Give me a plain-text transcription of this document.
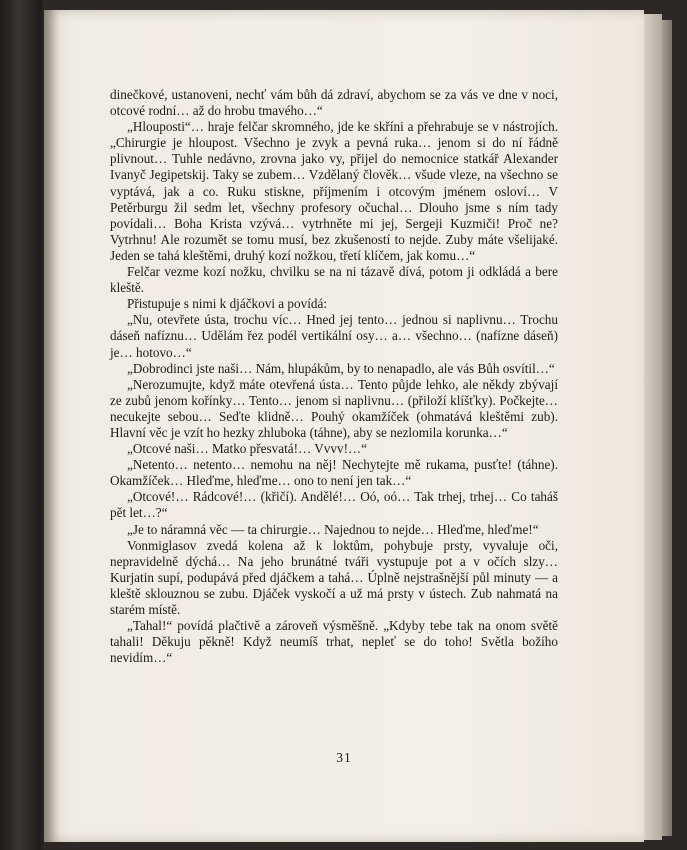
dinečkové, ustanoveni, nechť vám bůh dá zdraví, abychom se za vás ve dne v noci, otcové rodní… až do hrobu tmavého…“

„Hlouposti“… hraje felčar skromného, jde ke skříni a přehrabuje se v nástrojích. „Chirurgie je hloupost. Všechno je zvyk a pevná ruka… jenom si do ní řádně plivnout… Tuhle nedávno, zrovna jako vy, přijel do nemocnice statkář Alexander Ivanyč Jegipetskij. Taky se zubem… Vzdělaný člověk… všude vleze, na všechno se vyptává, jak a co. Ruku stiskne, příjmením i otcovým jménem osloví… V Petěrburgu žil sedm let, všechny profesory očuchal… Dlouho jsme s ním tady povídali… Boha Krista vzývá… vytrhněte mi jej, Sergeji Kuzmiči! Proč ne? Vytrhnu! Ale rozumět se tomu musí, bez zkušeností to nejde. Zuby máte všelijaké. Jeden se tahá kleštěmi, druhý kozí nožkou, třetí klíčem, jak komu…“

Felčar vezme kozí nožku, chvilku se na ni tázavě dívá, potom ji odkládá a bere kleště.

Přistupuje s nimi k djáčkovi a povídá:

„Nu, otevřete ústa, trochu víc… Hned jej tento… jednou si naplivnu… Trochu dáseň nafíznu… Udělám řez podél vertikální osy… a… všechno… (nafízne dáseň) je… hotovo…“

„Dobrodinci jste naši… Nám, hlupákům, by to nenapadlo, ale vás Bůh osvítil…“

„Nerozumujte, když máte otevřená ústa… Tento půjde lehko, ale někdy zbývají ze zubů jenom kořínky… Tento… jenom si naplivnu… (přiloží klíšťky). Počkejte… necukejte sebou… Seďte klidně… Pouhý okamžíček (ohmatává kleštěmi zub). Hlavní věc je vzít ho hezky zhluboka (táhne), aby se nezlomila korunka…“

„Otcové naši… Matko přesvatá!… Vvvv!…“

„Netento… netento… nemohu na něj! Nechytejte mě rukama, pusťte! (táhne). Okamžíček… Hleďme, hleďme… ono to není jen tak…“

„Otcové!… Rádcové!… (křičí). Andělé!… Oó, oó… Tak trhej, trhej… Co taháš pět let…?“

„Je to náramná věc — ta chirurgie… Najednou to nejde… Hleďme, hleďme!“

Vonmiglasov zvedá kolena až k loktům, pohybuje prsty, vyvaluje oči, nepravidelně dýchá… Na jeho brunátné tváři vystupuje pot a v očích slzy… Kurjatin supí, podupává před djáčkem a tahá… Úplně nejstrašnější půl minuty — a kleště sklouznou se zubu. Djáček vyskočí a už má prsty v ústech. Zub nahmatá na starém místě.

„Tahal!“ povídá plačtivě a zároveň výsměšně. „Kdyby tebe tak na onom světě tahali! Děkuju pěkně! Když neumíš trhat, nepleť se do toho! Světla božího nevidím…“

31
